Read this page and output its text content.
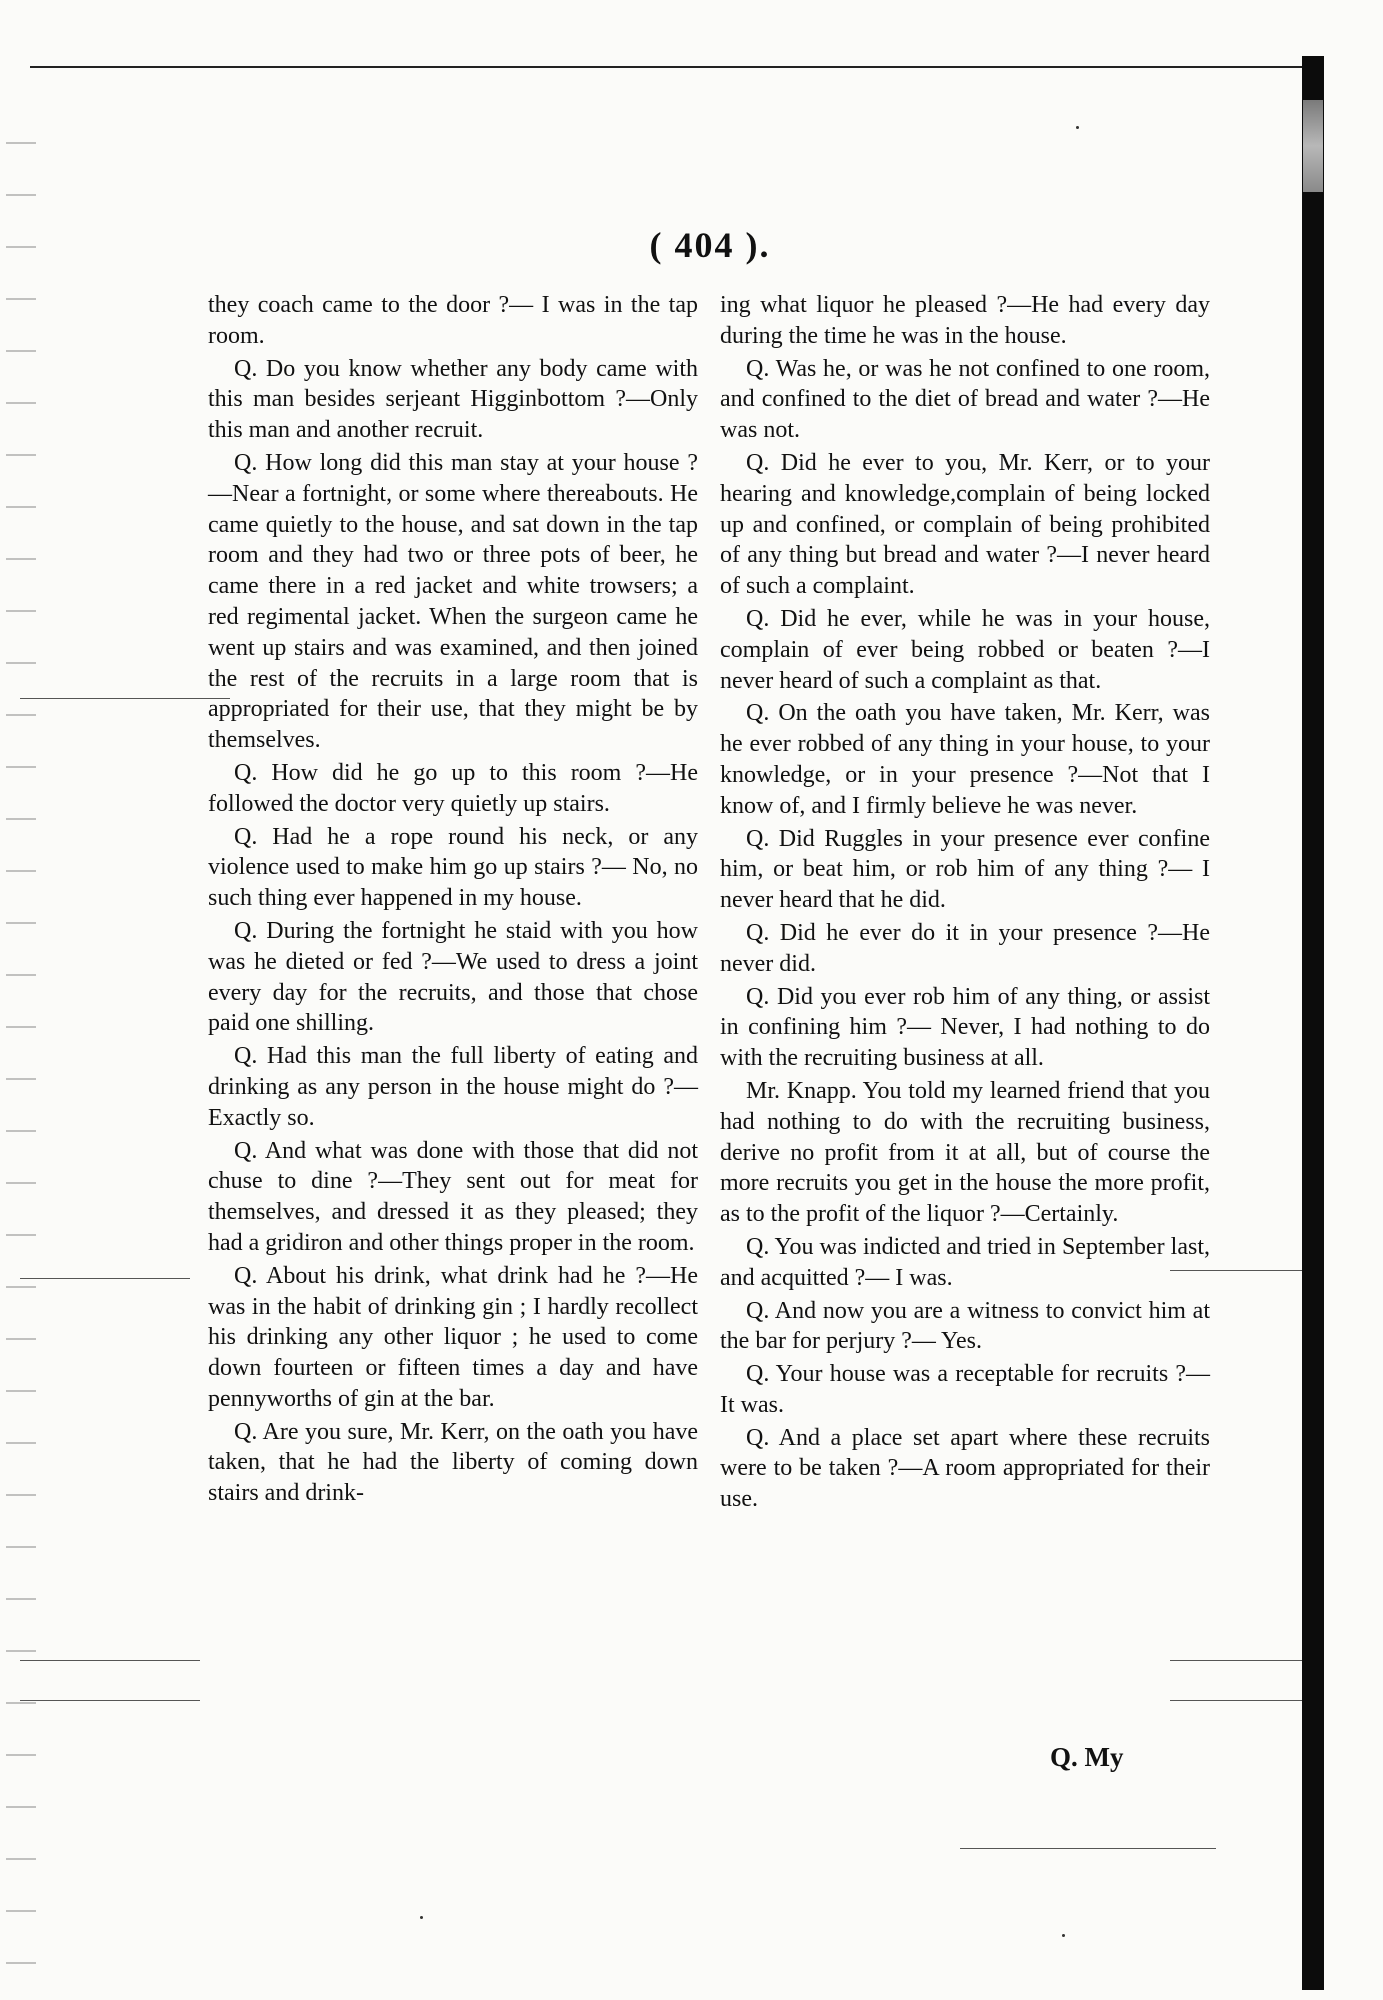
( 404 ).

they coach came to the door ?— I was in the tap room.

Q. Do you know whether any body came with this man besides serjeant Higginbottom ?—Only this man and another recruit.

Q. How long did this man stay at your house ?—Near a fortnight, or some where thereabouts. He came quietly to the house, and sat down in the tap room and they had two or three pots of beer, he came there in a red jacket and white trowsers; a red regimental jacket. When the surgeon came he went up stairs and was examined, and then joined the rest of the recruits in a large room that is appropriated for their use, that they might be by themselves.

Q. How did he go up to this room ?—He followed the doctor very quietly up stairs.

Q. Had he a rope round his neck, or any violence used to make him go up stairs ?— No, no such thing ever happened in my house.

Q. During the fortnight he staid with you how was he dieted or fed ?—We used to dress a joint every day for the recruits, and those that chose paid one shilling.

Q. Had this man the full liberty of eating and drinking as any person in the house might do ?—Exactly so.

Q. And what was done with those that did not chuse to dine ?—They sent out for meat for themselves, and dressed it as they pleased; they had a gridiron and other things proper in the room.

Q. About his drink, what drink had he ?—He was in the habit of drinking gin ; I hardly recollect his drinking any other liquor ; he used to come down fourteen or fifteen times a day and have pennyworths of gin at the bar.

Q. Are you sure, Mr. Kerr, on the oath you have taken, that he had the liberty of coming down stairs and drink-

ing what liquor he pleased ?—He had every day during the time he was in the house.

Q. Was he, or was he not confined to one room, and confined to the diet of bread and water ?—He was not.

Q. Did he ever to you, Mr. Kerr, or to your hearing and knowledge,complain of being locked up and confined, or complain of being prohibited of any thing but bread and water ?—I never heard of such a complaint.

Q. Did he ever, while he was in your house, complain of ever being robbed or beaten ?—I never heard of such a complaint as that.

Q. On the oath you have taken, Mr. Kerr, was he ever robbed of any thing in your house, to your knowledge, or in your presence ?—Not that I know of, and I firmly believe he was never.

Q. Did Ruggles in your presence ever confine him, or beat him, or rob him of any thing ?— I never heard that he did.

Q. Did he ever do it in your presence ?—He never did.

Q. Did you ever rob him of any thing, or assist in confining him ?— Never, I had nothing to do with the recruiting business at all.

Mr. Knapp. You told my learned friend that you had nothing to do with the recruiting business, derive no profit from it at all, but of course the more recruits you get in the house the more profit, as to the profit of the liquor ?—Certainly.

Q. You was indicted and tried in September last, and acquitted ?— I was.

Q. And now you are a witness to convict him at the bar for perjury ?— Yes.

Q. Your house was a receptable for recruits ?—It was.

Q. And a place set apart where these recruits were to be taken ?—A room appropriated for their use.

Q. My
